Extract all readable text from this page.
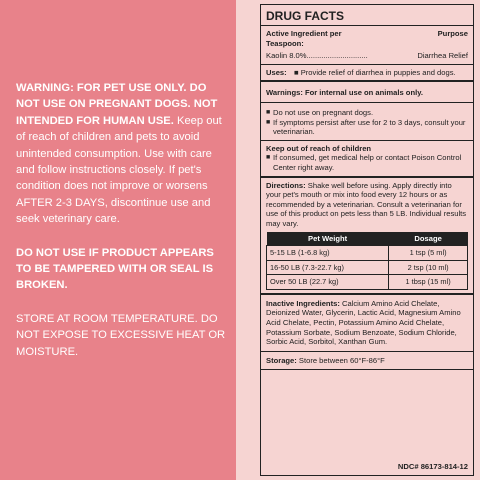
WARNING: FOR PET USE ONLY. DO NOT USE ON PREGNANT DOGS. NOT INTENDED FOR HUMAN USE. Keep out of reach of children and pets to avoid unintended consumption. Use with care and follow instructions closely. If pet's condition does not improve or worsens AFTER 2-3 DAYS, discontinue use and seek veterinary care.

DO NOT USE IF PRODUCT APPEARS TO BE TAMPERED WITH OR SEAL IS BROKEN.

STORE AT ROOM TEMPERATURE. DO NOT EXPOSE TO EXCESSIVE HEAT OR MOISTURE.

DRUG FACTS
Active Ingredient per Teaspoon:
Purpose
Kaolin 8.0%.............................	Diarrhea Relief
Uses: ■ Provide relief of diarrhea in puppies and dogs.
Warnings: For internal use on animals only.
■ Do not use on pregnant dogs.
■ If symptoms persist after use for 2 to 3 days, consult your veterinarian.
Keep out of reach of children
■ If consumed, get medical help or contact Poison Control Center right away.
Directions: Shake well before using. Apply directly into your pet's mouth or mix into food every 12 hours or as recommended by a veterinarian. Consult a veterinarian for use of this product on pets less than 5 LB. Individual results may vary.
Pet Weight	Dosage
5-15 LB (1-6.8 kg)	1 tsp (5 ml)
16-50 LB (7.3-22.7 kg)	2 tsp (10 ml)
Over 50 LB (22.7 kg)	1 tbsp (15 ml)
Inactive Ingredients: Calcium Amino Acid Chelate, Deionized Water, Glycerin, Lactic Acid, Magnesium Amino Acid Chelate, Pectin, Potassium Amino Acid Chelate, Potassium Sorbate, Sodium Benzoate, Sodium Chloride, Sorbic Acid, Sorbitol, Xanthan Gum.
Storage: Store between 60°F-86°F
NDC# 86173-814-12
